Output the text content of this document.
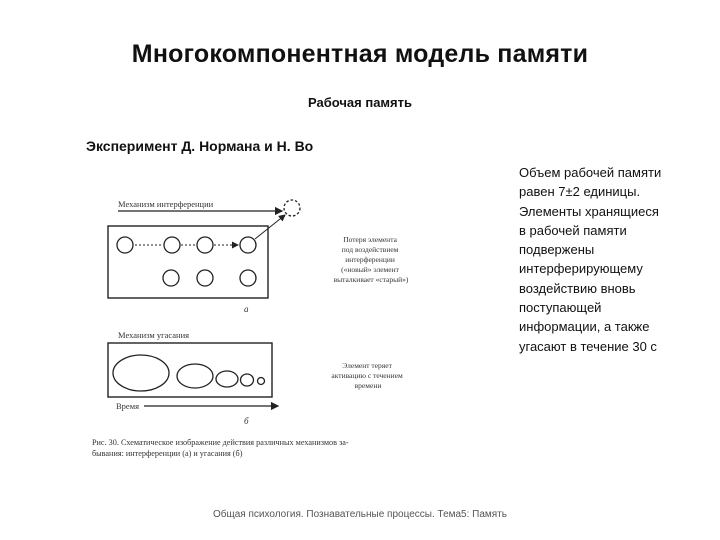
Многокомпонентная модель памяти
Рабочая память
Эксперимент Д. Нормана и Н. Во
Объем рабочей памяти
равен 7±2 единицы.
Элементы хранящиеся
в рабочей памяти
подвержены
интерферирующему
воздействию вновь
поступающей
информации, а также
угасают в течение 30 с
Механизм интерференции
Потеря элемента под воздействием интерференции («новый» элемент выталкивает «старый»)
а
Механизм угасания
Элемент теряет активацию с течением времени
Время
б
Рис. 30. Схематическое изображение действия различных механизмов за- бывания: интерференции (а) и угасания (б)
Общая психология. Познавательные процессы. Тема5: Память
